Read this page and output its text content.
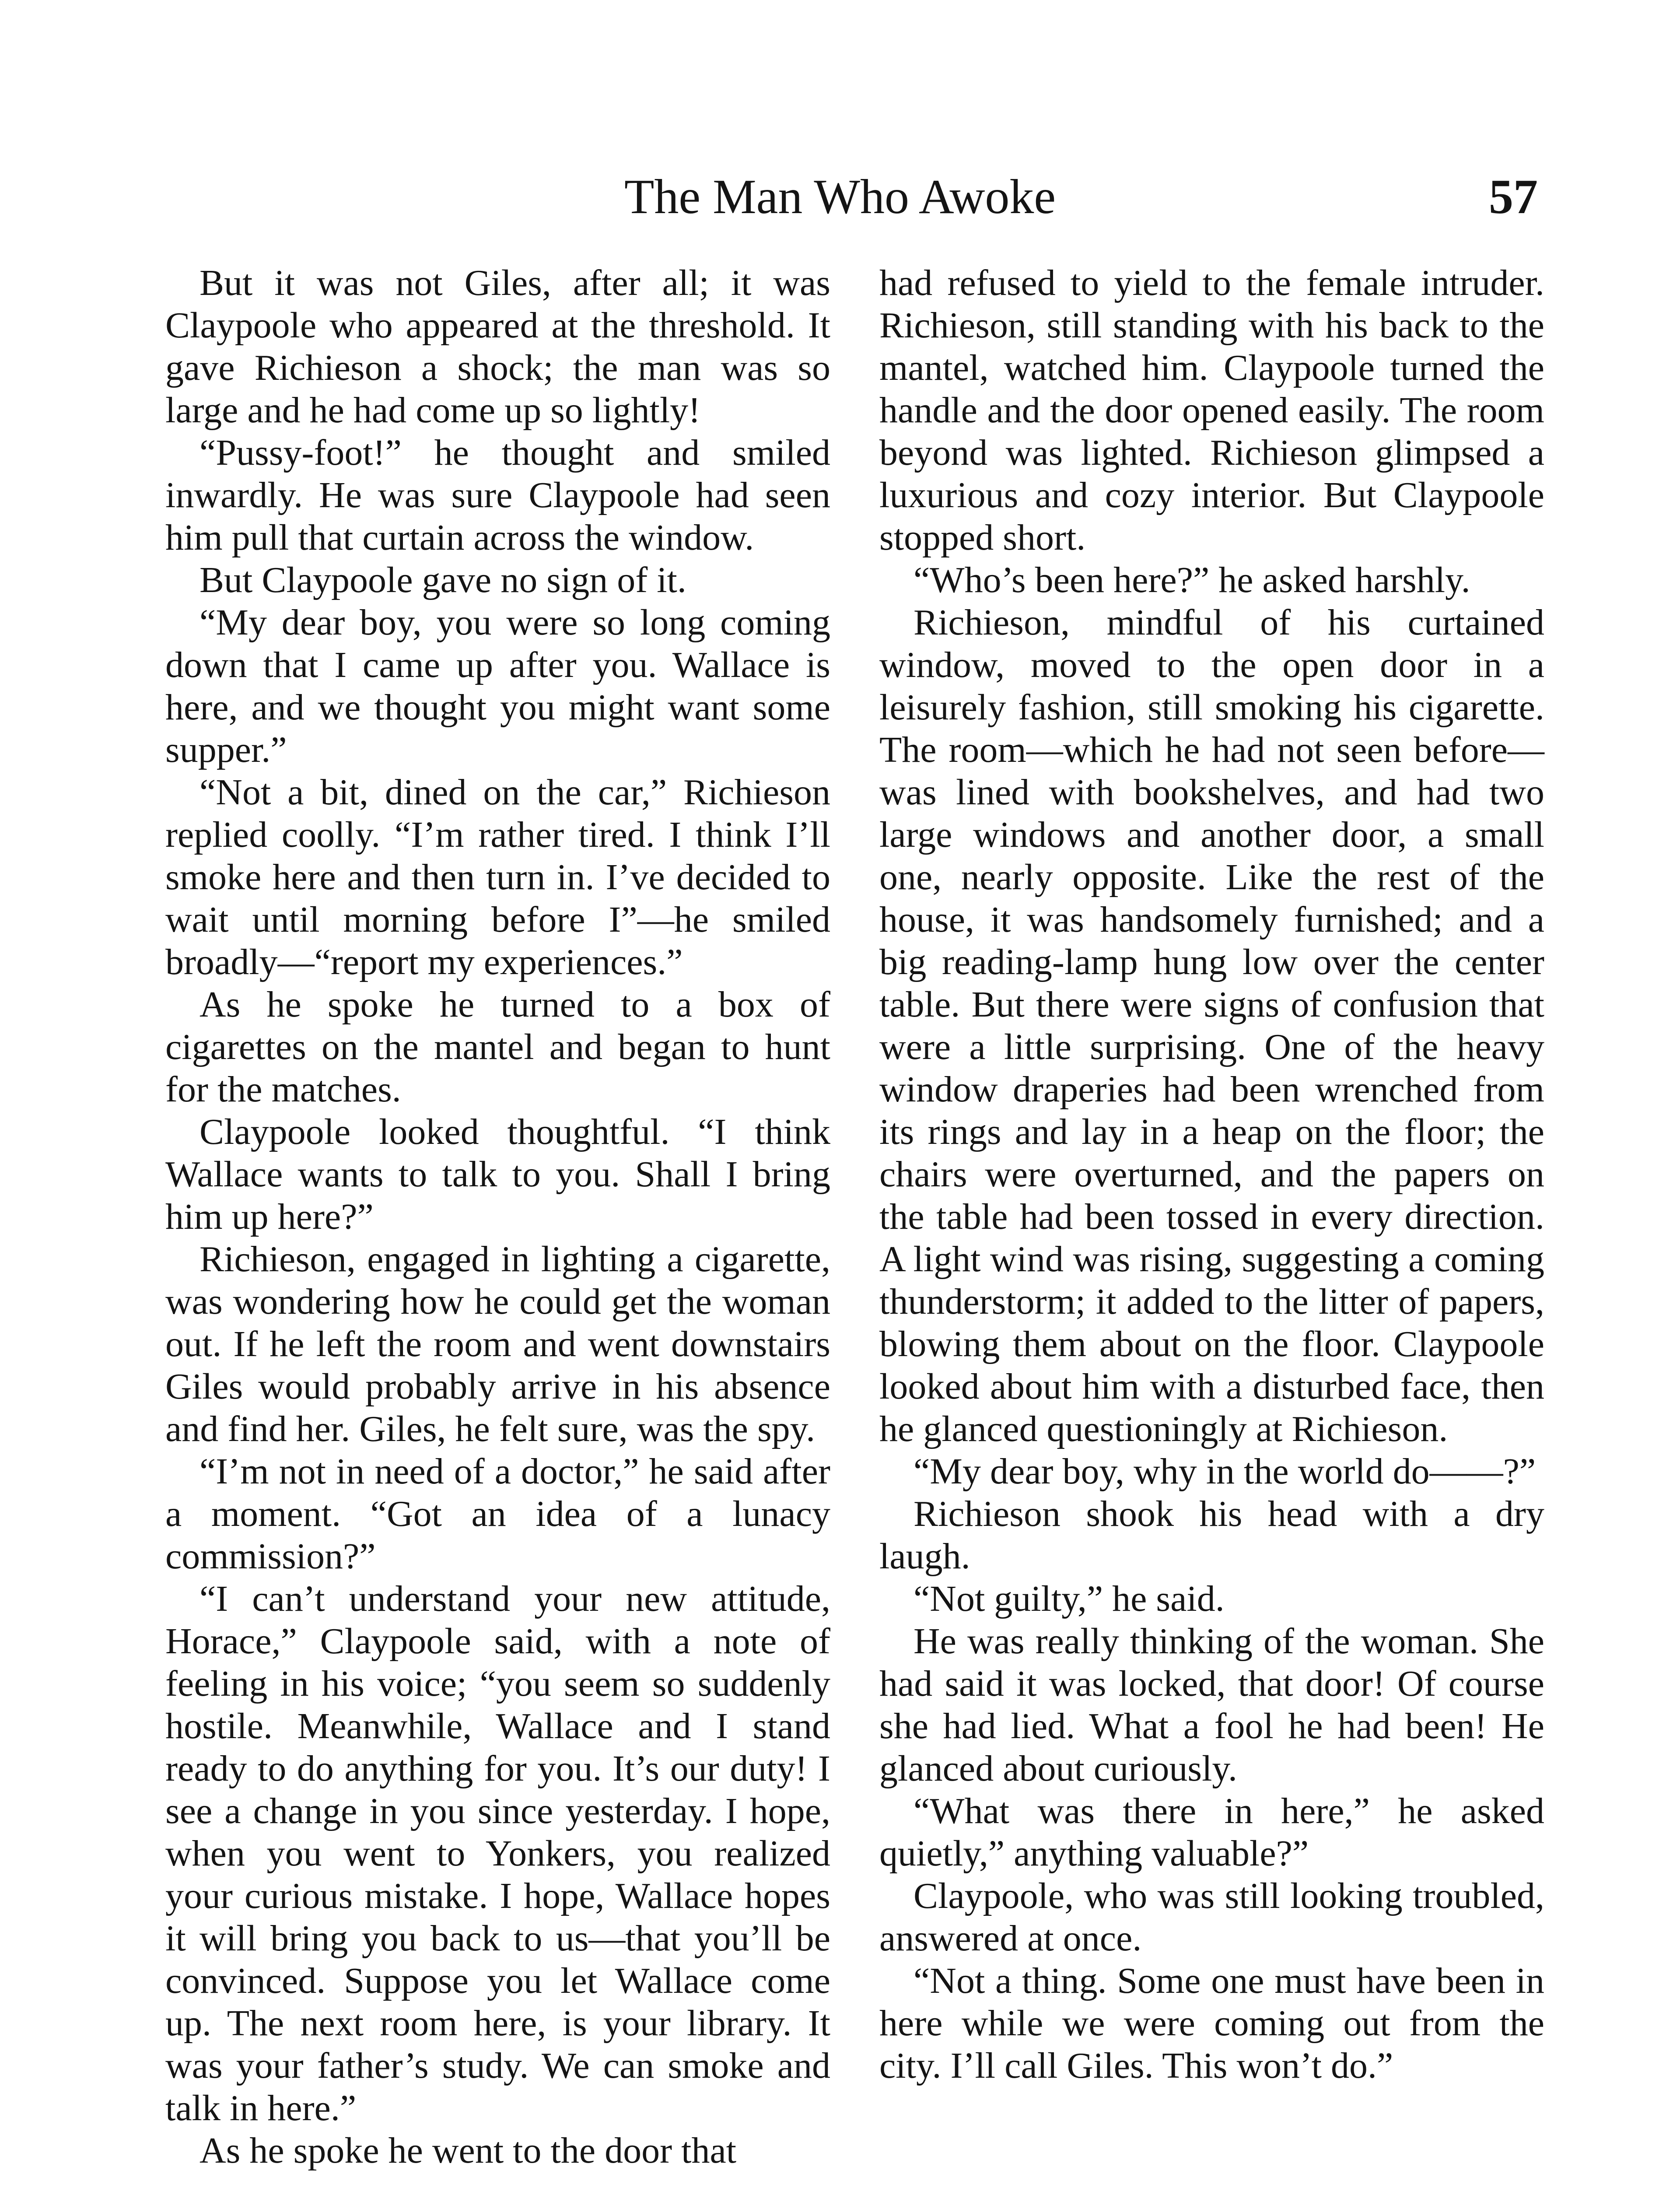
The Man Who Awoke	57

But it was not Giles, after all; it was Claypoole who appeared at the threshold. It gave Richieson a shock; the man was so large and he had come up so lightly!

“Pussy-foot!” he thought and smiled inwardly. He was sure Claypoole had seen him pull that curtain across the window.

But Claypoole gave no sign of it.

“My dear boy, you were so long coming down that I came up after you. Wallace is here, and we thought you might want some supper.”

“Not a bit, dined on the car,” Richieson replied coolly. “I’m rather tired. I think I’ll smoke here and then turn in. I’ve decided to wait until morning before I”—he smiled broadly—“report my experiences.”

As he spoke he turned to a box of cigarettes on the mantel and began to hunt for the matches.

Claypoole looked thoughtful. “I think Wallace wants to talk to you. Shall I bring him up here?”

Richieson, engaged in lighting a cigarette, was wondering how he could get the woman out. If he left the room and went downstairs Giles would probably arrive in his absence and find her. Giles, he felt sure, was the spy.

“I’m not in need of a doctor,” he said after a moment. “Got an idea of a lunacy commission?”

“I can’t understand your new attitude, Horace,” Claypoole said, with a note of feeling in his voice; “you seem so suddenly hostile. Meanwhile, Wallace and I stand ready to do anything for you. It’s our duty! I see a change in you since yesterday. I hope, when you went to Yonkers, you realized your curious mistake. I hope, Wallace hopes it will bring you back to us—that you’ll be convinced. Suppose you let Wallace come up. The next room here, is your library. It was your father’s study. We can smoke and talk in here.”

As he spoke he went to the door that

had refused to yield to the female intruder. Richieson, still standing with his back to the mantel, watched him. Claypoole turned the handle and the door opened easily. The room beyond was lighted. Richieson glimpsed a luxurious and cozy interior. But Claypoole stopped short.

“Who’s been here?” he asked harshly.

Richieson, mindful of his curtained window, moved to the open door in a leisurely fashion, still smoking his cigarette. The room—which he had not seen before—was lined with bookshelves, and had two large windows and another door, a small one, nearly opposite. Like the rest of the house, it was handsomely furnished; and a big reading-lamp hung low over the center table. But there were signs of confusion that were a little surprising. One of the heavy window draperies had been wrenched from its rings and lay in a heap on the floor; the chairs were overturned, and the papers on the table had been tossed in every direction. A light wind was rising, suggesting a coming thunderstorm; it added to the litter of papers, blowing them about on the floor. Claypoole looked about him with a disturbed face, then he glanced questioningly at Richieson.

“My dear boy, why in the world do——?”

Richieson shook his head with a dry laugh.

“Not guilty,” he said.

He was really thinking of the woman. She had said it was locked, that door! Of course she had lied. What a fool he had been! He glanced about curiously.

“What was there in here,” he asked quietly,” anything valuable?”

Claypoole, who was still looking troubled, answered at once.

“Not a thing. Some one must have been in here while we were coming out from the city. I’ll call Giles. This won’t do.”
